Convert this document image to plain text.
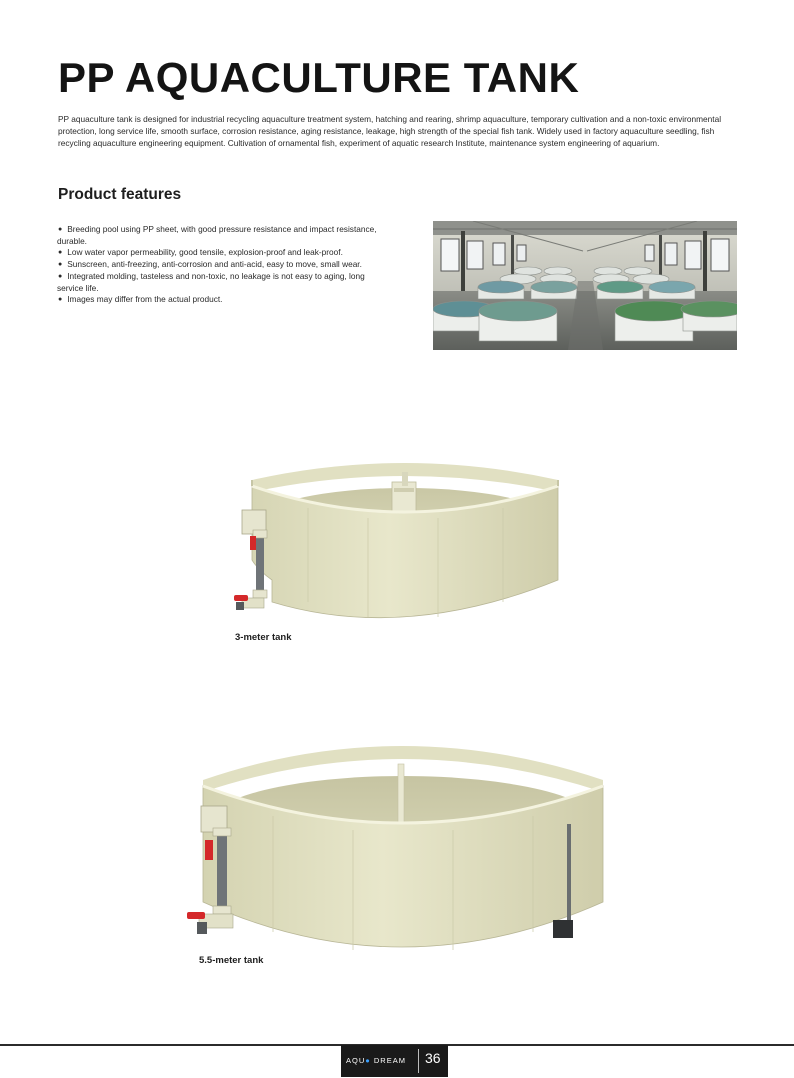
PP AQUACULTURE TANK
PP aquaculture tank is designed for industrial recycling aquaculture treatment system, hatching and rearing, shrimp aquaculture, temporary cultivation and a non-toxic environmental protection, long service life, smooth surface, corrosion resistance, aging resistance, leakage, high strength of the special fish tank. Widely used in factory aquaculture seedling, fish recycling aquaculture engineering equipment. Cultivation of ornamental fish, experiment of aquatic research Institute, maintenance system engineering of aquarium.
Product features
● Breeding pool using PP sheet, with good pressure resistance and impact resistance, durable.
● Low water vapor permeability, good tensile, explosion-proof and leak-proof.
● Sunscreen, anti-freezing, anti-corrosion and anti-acid, easy to move, small wear.
● Integrated molding, tasteless and non-toxic, no leakage is not easy to aging, long service life.
● Images may differ from the actual product.
3-meter tank
5.5-meter tank
AQU● DREAM 36
